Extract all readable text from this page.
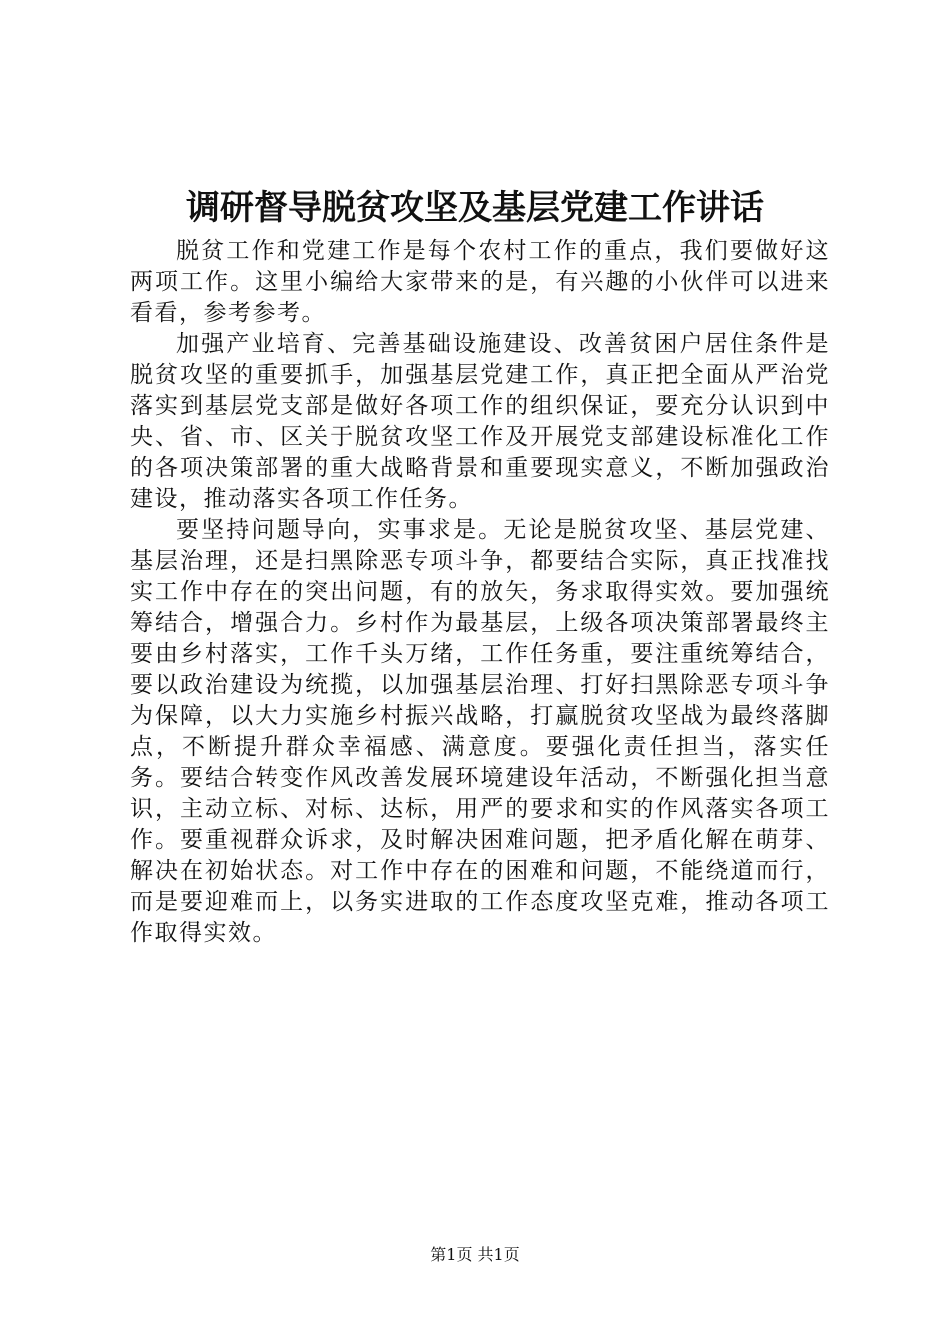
调研督导脱贫攻坚及基层党建工作讲话

脱贫工作和党建工作是每个农村工作的重点，我们要做好这两项工作。这里小编给大家带来的是，有兴趣的小伙伴可以进来看看，参考参考。

加强产业培育、完善基础设施建设、改善贫困户居住条件是脱贫攻坚的重要抓手，加强基层党建工作，真正把全面从严治党落实到基层党支部是做好各项工作的组织保证，要充分认识到中央、省、市、区关于脱贫攻坚工作及开展党支部建设标准化工作的各项决策部署的重大战略背景和重要现实意义，不断加强政治建设，推动落实各项工作任务。

要坚持问题导向，实事求是。无论是脱贫攻坚、基层党建、基层治理，还是扫黑除恶专项斗争，都要结合实际，真正找准找实工作中存在的突出问题，有的放矢，务求取得实效。要加强统筹结合，增强合力。乡村作为最基层，上级各项决策部署最终主要由乡村落实，工作千头万绪，工作任务重，要注重统筹结合，要以政治建设为统揽，以加强基层治理、打好扫黑除恶专项斗争为保障，以大力实施乡村振兴战略，打赢脱贫攻坚战为最终落脚点，不断提升群众幸福感、满意度。要强化责任担当，落实任务。要结合转变作风改善发展环境建设年活动，不断强化担当意识，主动立标、对标、达标，用严的要求和实的作风落实各项工作。要重视群众诉求，及时解决困难问题，把矛盾化解在萌芽、解决在初始状态。对工作中存在的困难和问题，不能绕道而行，而是要迎难而上，以务实进取的工作态度攻坚克难，推动各项工作取得实效。

第1页 共1页
